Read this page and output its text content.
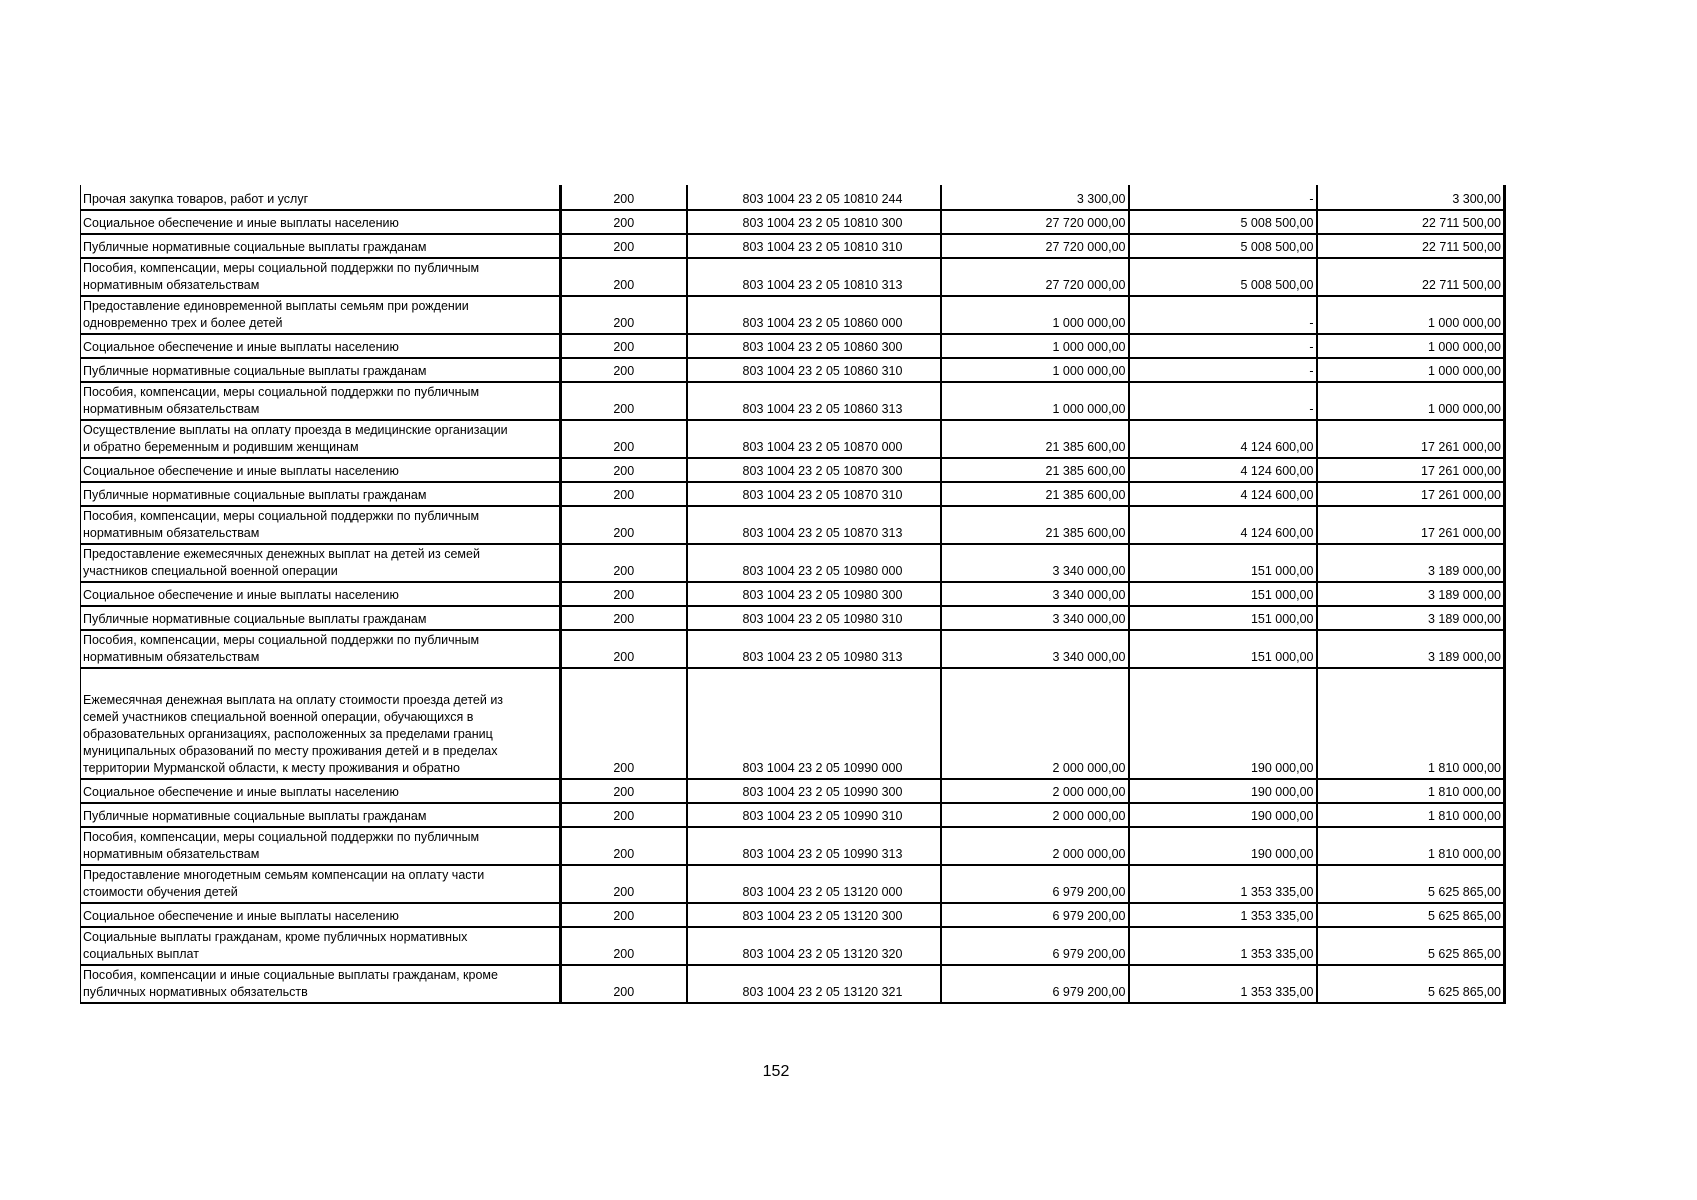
Прочая закупка товаров, работ и услуг	200	803 1004 23 2 05 10810 244	3 300,00	-	3 300,00
Социальное обеспечение и иные выплаты населению	200	803 1004 23 2 05 10810 300	27 720 000,00	5 008 500,00	22 711 500,00
Публичные нормативные социальные выплаты гражданам	200	803 1004 23 2 05 10810 310	27 720 000,00	5 008 500,00	22 711 500,00
Пособия, компенсации, меры социальной поддержки по публичным
нормативным обязательствам	200	803 1004 23 2 05 10810 313	27 720 000,00	5 008 500,00	22 711 500,00
Предоставление единовременной выплаты семьям при рождении
одновременно трех и более детей	200	803 1004 23 2 05 10860 000	1 000 000,00	-	1 000 000,00
Социальное обеспечение и иные выплаты населению	200	803 1004 23 2 05 10860 300	1 000 000,00	-	1 000 000,00
Публичные нормативные социальные выплаты гражданам	200	803 1004 23 2 05 10860 310	1 000 000,00	-	1 000 000,00
Пособия, компенсации, меры социальной поддержки по публичным
нормативным обязательствам	200	803 1004 23 2 05 10860 313	1 000 000,00	-	1 000 000,00
Осуществление выплаты на оплату проезда в медицинские организации
и обратно беременным и родившим женщинам	200	803 1004 23 2 05 10870 000	21 385 600,00	4 124 600,00	17 261 000,00
Социальное обеспечение и иные выплаты населению	200	803 1004 23 2 05 10870 300	21 385 600,00	4 124 600,00	17 261 000,00
Публичные нормативные социальные выплаты гражданам	200	803 1004 23 2 05 10870 310	21 385 600,00	4 124 600,00	17 261 000,00
Пособия, компенсации, меры социальной поддержки по публичным
нормативным обязательствам	200	803 1004 23 2 05 10870 313	21 385 600,00	4 124 600,00	17 261 000,00
Предоставление ежемесячных денежных выплат на детей из семей
участников специальной военной операции	200	803 1004 23 2 05 10980 000	3 340 000,00	151 000,00	3 189 000,00
Социальное обеспечение и иные выплаты населению	200	803 1004 23 2 05 10980 300	3 340 000,00	151 000,00	3 189 000,00
Публичные нормативные социальные выплаты гражданам	200	803 1004 23 2 05 10980 310	3 340 000,00	151 000,00	3 189 000,00
Пособия, компенсации, меры социальной поддержки по публичным
нормативным обязательствам	200	803 1004 23 2 05 10980 313	3 340 000,00	151 000,00	3 189 000,00
Ежемесячная денежная выплата на оплату стоимости проезда детей из
семей участников специальной военной операции, обучающихся в
образовательных организациях, расположенных за пределами границ
муниципальных образований по месту проживания детей и в пределах
территории Мурманской области, к месту проживания и обратно	200	803 1004 23 2 05 10990 000	2 000 000,00	190 000,00	1 810 000,00
Социальное обеспечение и иные выплаты населению	200	803 1004 23 2 05 10990 300	2 000 000,00	190 000,00	1 810 000,00
Публичные нормативные социальные выплаты гражданам	200	803 1004 23 2 05 10990 310	2 000 000,00	190 000,00	1 810 000,00
Пособия, компенсации, меры социальной поддержки по публичным
нормативным обязательствам	200	803 1004 23 2 05 10990 313	2 000 000,00	190 000,00	1 810 000,00
Предоставление многодетным семьям компенсации на оплату части
стоимости обучения детей	200	803 1004 23 2 05 13120 000	6 979 200,00	1 353 335,00	5 625 865,00
Социальное обеспечение и иные выплаты населению	200	803 1004 23 2 05 13120 300	6 979 200,00	1 353 335,00	5 625 865,00
Социальные выплаты гражданам, кроме публичных нормативных
социальных выплат	200	803 1004 23 2 05 13120 320	6 979 200,00	1 353 335,00	5 625 865,00
Пособия, компенсации и иные социальные выплаты гражданам, кроме
публичных нормативных обязательств	200	803 1004 23 2 05 13120 321	6 979 200,00	1 353 335,00	5 625 865,00
152
